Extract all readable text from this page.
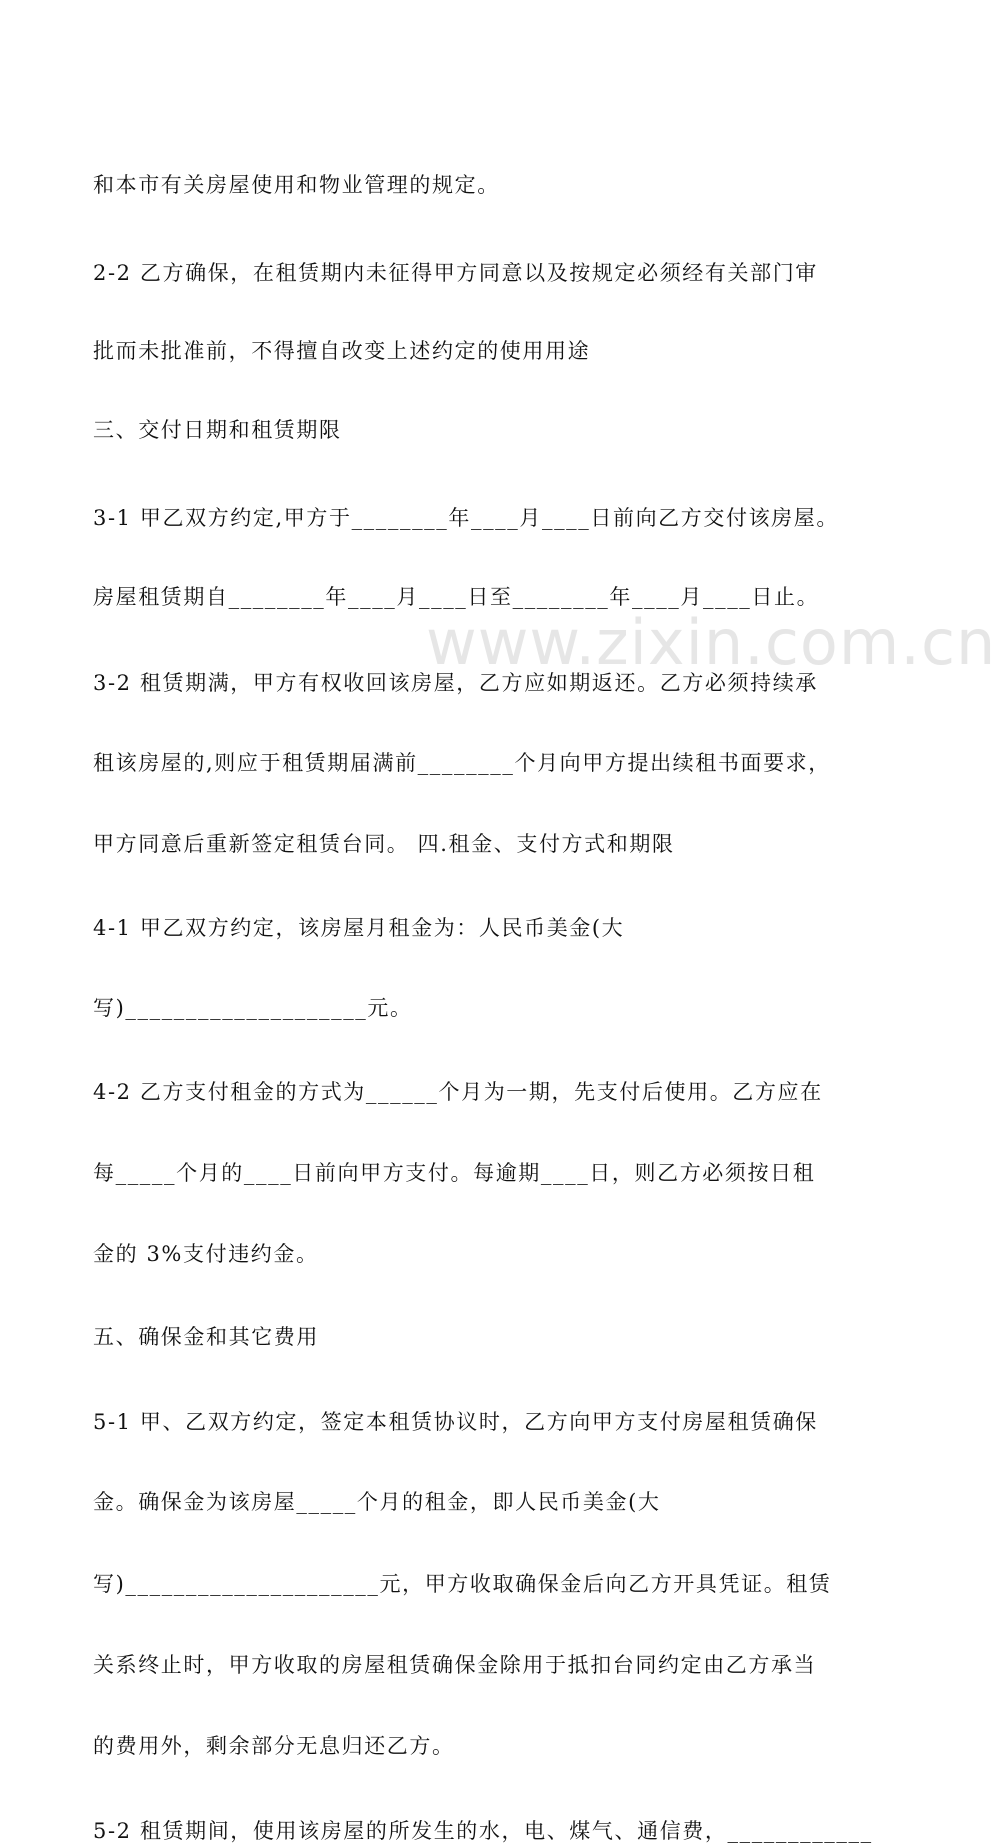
www.zixin.com.cn
和本市有关房屋使用和物业管理的规定。
2-2 乙方确保，在租赁期内未征得甲方同意以及按规定必须经有关部门审
批而未批准前，不得擅自改变上述约定的使用用途
三、交付日期和租赁期限
3-1 甲乙双方约定,甲方于________年____月____日前向乙方交付该房屋。
房屋租赁期自________年____月____日至________年____月____日止。
3-2 租赁期满，甲方有权收回该房屋，乙方应如期返还。乙方必须持续承
租该房屋的,则应于租赁期届满前________个月向甲方提出续租书面要求，
甲方同意后重新签定租赁台同。 四.租金、支付方式和期限
4-1 甲乙双方约定，该房屋月租金为：人民币美金(大
写)____________________元。
4-2 乙方支付租金的方式为______个月为一期，先支付后使用。乙方应在
每_____个月的____日前向甲方支付。每逾期____日，则乙方必须按日租
金的 3%支付违约金。
五、确保金和其它费用
5-1 甲、乙双方约定，签定本租赁协议时，乙方向甲方支付房屋租赁确保
金。确保金为该房屋_____个月的租金，即人民币美金(大
写)_____________________元，甲方收取确保金后向乙方开具凭证。租赁
关系终止时，甲方收取的房屋租赁确保金除用于抵扣台同约定由乙方承当
的费用外，剩余部分无息归还乙方。
5-2 租赁期间，使用该房屋的所发生的水，电、煤气、通信费，____________
